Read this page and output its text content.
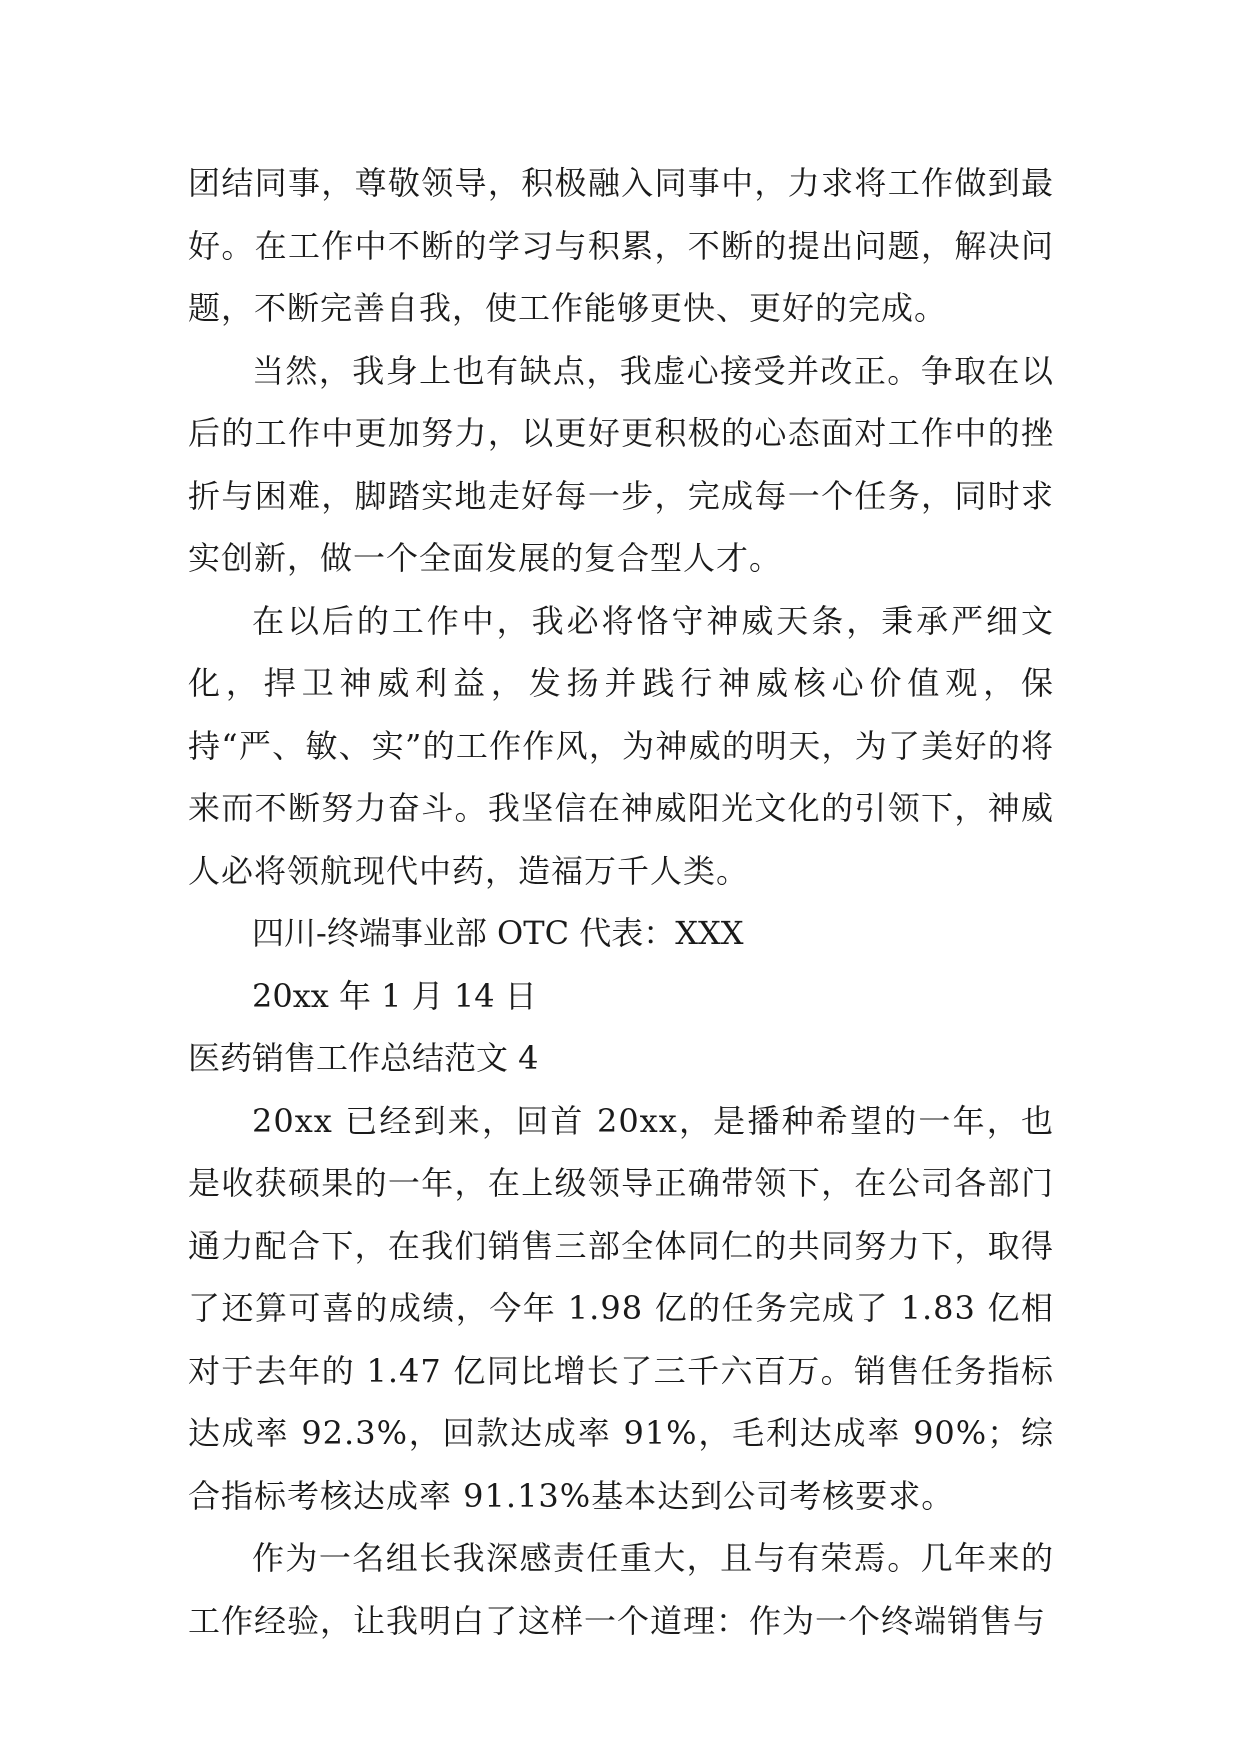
团结同事，尊敬领导，积极融入同事中，力求将工作做到最好。在工作中不断的学习与积累，不断的提出问题，解决问题，不断完善自我，使工作能够更快、更好的完成。

当然，我身上也有缺点，我虚心接受并改正。争取在以后的工作中更加努力，以更好更积极的心态面对工作中的挫折与困难，脚踏实地走好每一步，完成每一个任务，同时求实创新，做一个全面发展的复合型人才。

在以后的工作中，我必将恪守神威天条，秉承严细文化，捍卫神威利益，发扬并践行神威核心价值观，保持“严、敏、实”的工作作风，为神威的明天，为了美好的将来而不断努力奋斗。我坚信在神威阳光文化的引领下，神威人必将领航现代中药，造福万千人类。

四川-终端事业部 OTC 代表：XXX

20xx 年 1 月 14 日

医药销售工作总结范文 4

20xx 已经到来，回首 20xx，是播种希望的一年，也是收获硕果的一年，在上级领导正确带领下，在公司各部门通力配合下，在我们销售三部全体同仁的共同努力下，取得了还算可喜的成绩，今年 1.98 亿的任务完成了 1.83 亿相对于去年的 1.47 亿同比增长了三千六百万。销售任务指标达成率 92.3%，回款达成率 91%，毛利达成率 90%；综合指标考核达成率 91.13%基本达到公司考核要求。

作为一名组长我深感责任重大，且与有荣焉。几年来的工作经验，让我明白了这样一个道理：作为一个终端销售与
